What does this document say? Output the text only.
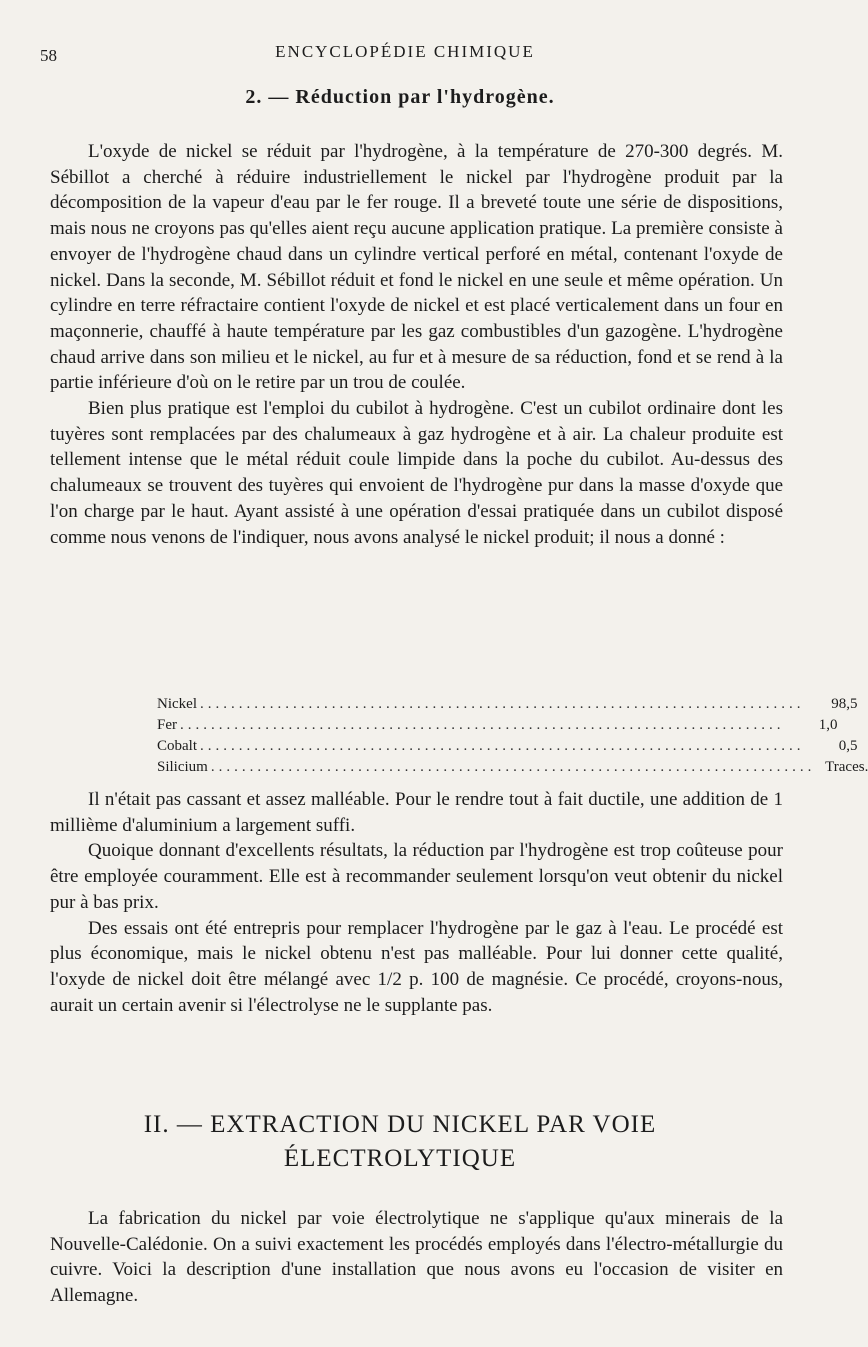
58	ENCYCLOPÉDIE CHIMIQUE
2. — Réduction par l'hydrogène.

L'oxyde de nickel se réduit par l'hydrogène, à la température de 270-300 degrés. M. Sébillot a cherché à réduire industriellement le nickel par l'hydrogène produit par la décomposition de la vapeur d'eau par le fer rouge. Il a breveté toute une série de dispositions, mais nous ne croyons pas qu'elles aient reçu aucune application pratique. La première consiste à envoyer de l'hydrogène chaud dans un cylindre vertical perforé en métal, contenant l'oxyde de nickel. Dans la seconde, M. Sébillot réduit et fond le nickel en une seule et même opération. Un cylindre en terre réfractaire contient l'oxyde de nickel et est placé verticalement dans un four en maçonnerie, chauffé à haute température par les gaz combustibles d'un gazogène. L'hydrogène chaud arrive dans son milieu et le nickel, au fur et à mesure de sa réduction, fond et se rend à la partie inférieure d'où on le retire par un trou de coulée.

Bien plus pratique est l'emploi du cubilot à hydrogène. C'est un cubilot ordinaire dont les tuyères sont remplacées par des chalumeaux à gaz hydrogène et à air. La chaleur produite est tellement intense que le métal réduit coule limpide dans la poche du cubilot. Au-dessus des chalumeaux se trouvent des tuyères qui envoient de l'hydrogène pur dans la masse d'oxyde que l'on charge par le haut. Ayant assisté à une opération d'essai pratiquée dans un cubilot disposé comme nous venons de l'indiquer, nous avons analysé le nickel produit; il nous a donné :

Nickel ..............................................................................	98,5
Fer ..............................................................................	1,0
Cobalt ..............................................................................	0,5
Silicium .............................................................................. Traces.

Il n'était pas cassant et assez malléable. Pour le rendre tout à fait ductile, une addition de 1 millième d'aluminium a largement suffi.

Quoique donnant d'excellents résultats, la réduction par l'hydrogène est trop coûteuse pour être employée couramment. Elle est à recommander seulement lorsqu'on veut obtenir du nickel pur à bas prix.

Des essais ont été entrepris pour remplacer l'hydrogène par le gaz à l'eau. Le procédé est plus économique, mais le nickel obtenu n'est pas malléable. Pour lui donner cette qualité, l'oxyde de nickel doit être mélangé avec 1/2 p. 100 de magnésie. Ce procédé, croyons-nous, aurait un certain avenir si l'électrolyse ne le supplante pas.

II. — EXTRACTION DU NICKEL PAR VOIE
ÉLECTROLYTIQUE

La fabrication du nickel par voie électrolytique ne s'applique qu'aux minerais de la Nouvelle-Calédonie. On a suivi exactement les procédés employés dans l'électro-métallurgie du cuivre. Voici la description d'une installation que nous avons eu l'occasion de visiter en Allemagne.
